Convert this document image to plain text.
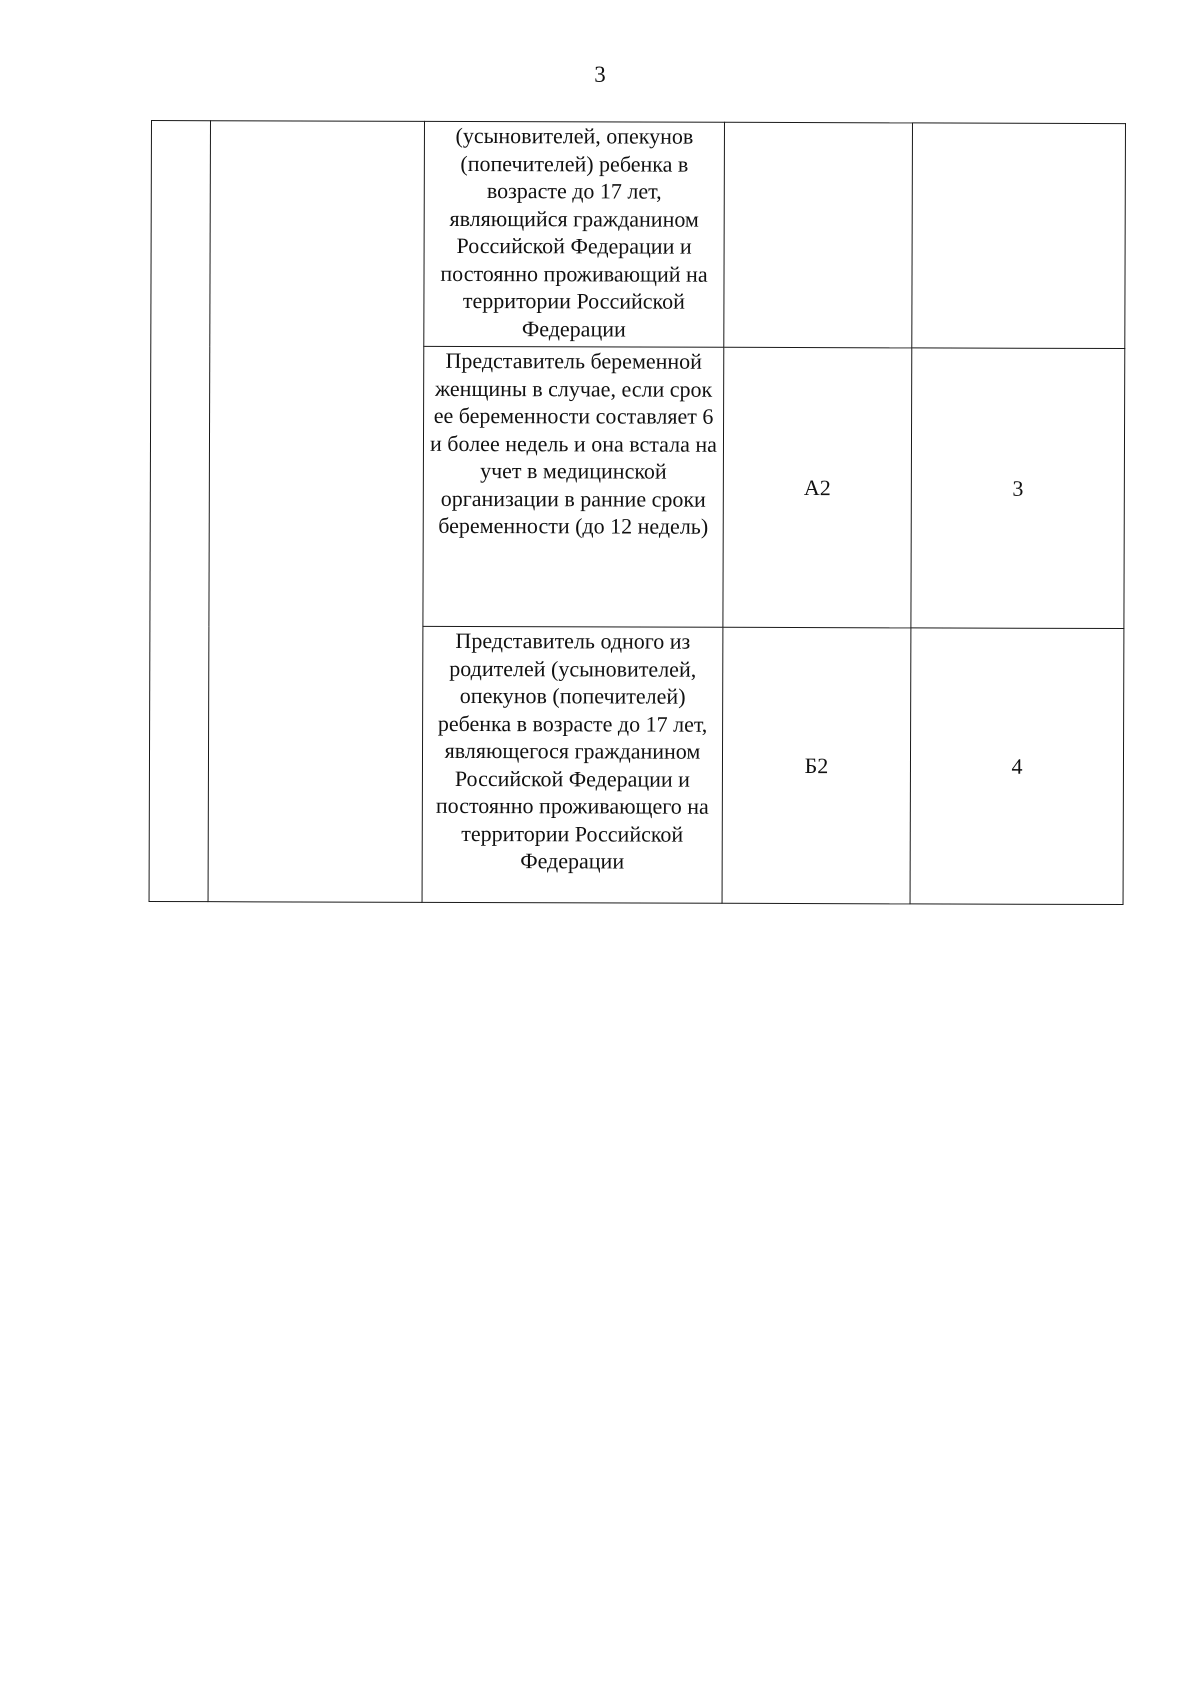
3
		(усыновителей, опекунов (попечителей) ребенка в возрасте до 17 лет, являющийся гражданином Российской Федерации и постоянно проживающий на территории Российской Федерации		
		Представитель беременной женщины в случае, если срок ее беременности составляет 6 и более недель и она встала на учет в медицинской организации в ранние сроки беременности (до 12 недель)	А2	3
		Представитель одного из родителей (усыновителей, опекунов (попечителей) ребенка в возрасте до 17 лет, являющегося гражданином Российской Федерации и постоянно проживающего на территории Российской Федерации	Б2	4
